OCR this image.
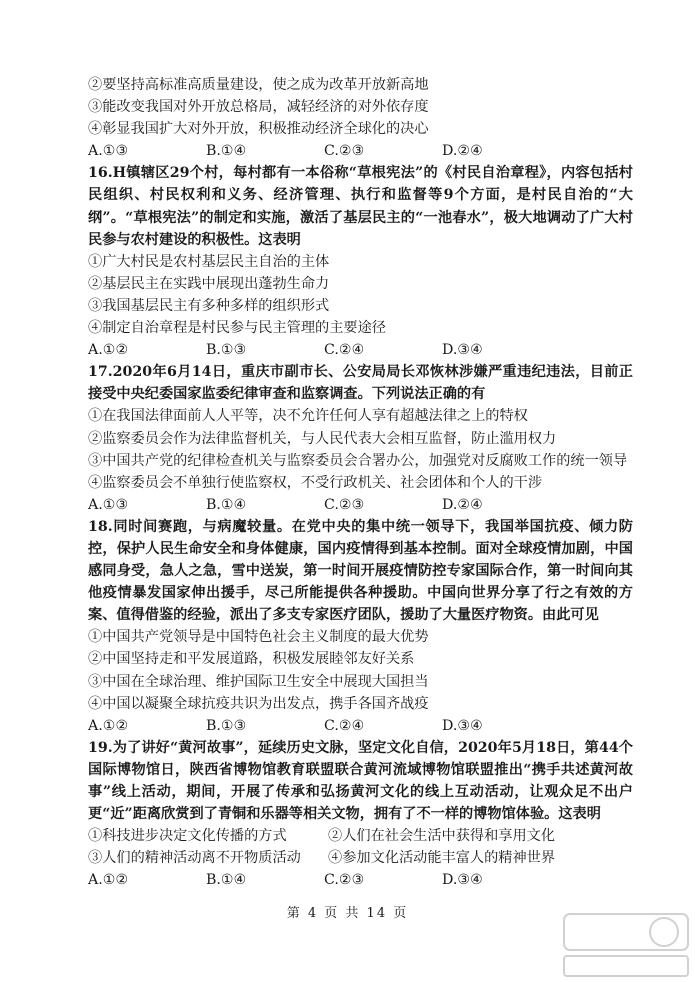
②要坚持高标准高质量建设，使之成为改革开放新高地
③能改变我国对外开放总格局，减轻经济的对外依存度
④彰显我国扩大对外开放，积极推动经济全球化的决心
A.①③	B.①④	C.②③	D.②④

16.H镇辖区29个村，每村都有一本俗称“草根宪法”的《村民自治章程》，内容包括村民组织、村民权利和义务、经济管理、执行和监督等9个方面，是村民自治的“大纲”。“草根宪法”的制定和实施，激活了基层民主的“一池春水”，极大地调动了广大村民参与农村建设的积极性。这表明

①广大村民是农村基层民主自治的主体
②基层民主在实践中展现出蓬勃生命力
③我国基层民主有多种多样的组织形式
④制定自治章程是村民参与民主管理的主要途径
A.①②	B.①③	C.②④	D.③④

17.2020年6月14日，重庆市副市长、公安局局长邓恢林涉嫌严重违纪违法，目前正接受中央纪委国家监委纪律审查和监察调查。下列说法正确的有

①在我国法律面前人人平等，决不允许任何人享有超越法律之上的特权
②监察委员会作为法律监督机关，与人民代表大会相互监督，防止滥用权力
③中国共产党的纪律检查机关与监察委员会合署办公，加强党对反腐败工作的统一领导
④监察委员会不单独行使监察权，不受行政机关、社会团体和个人的干涉
A.①③	B.①④	C.②③	D.②④

18.同时间赛跑，与病魔较量。在党中央的集中统一领导下，我国举国抗疫、倾力防控，保护人民生命安全和身体健康，国内疫情得到基本控制。面对全球疫情加剧，中国感同身受，急人之急，雪中送炭，第一时间开展疫情防控专家国际合作，第一时间向其他疫情暴发国家伸出援手，尽己所能提供各种援助。中国向世界分享了行之有效的方案、值得借鉴的经验，派出了多支专家医疗团队，援助了大量医疗物资。由此可见

①中国共产党领导是中国特色社会主义制度的最大优势
②中国坚持走和平发展道路，积极发展睦邻友好关系
③中国在全球治理、维护国际卫生安全中展现大国担当
④中国以凝聚全球抗疫共识为出发点，携手各国齐战疫
A.①②	B.①③	C.②④	D.③④

19.为了讲好“黄河故事”，延续历史文脉，坚定文化自信，2020年5月18日，第44个国际博物馆日，陕西省博物馆教育联盟联合黄河流域博物馆联盟推出“携手共述黄河故事”线上活动，期间，开展了传承和弘扬黄河文化的线上互动活动，让观众足不出户更“近”距离欣赏到了青铜和乐器等相关文物，拥有了不一样的博物馆体验。这表明

①科技进步决定文化传播的方式	②人们在社会生活中获得和享用文化
③人们的精神活动离不开物质活动	④参加文化活动能丰富人的精神世界
A.①②	B.①④	C.②③	D.③④
第 4 页 共 14 页
